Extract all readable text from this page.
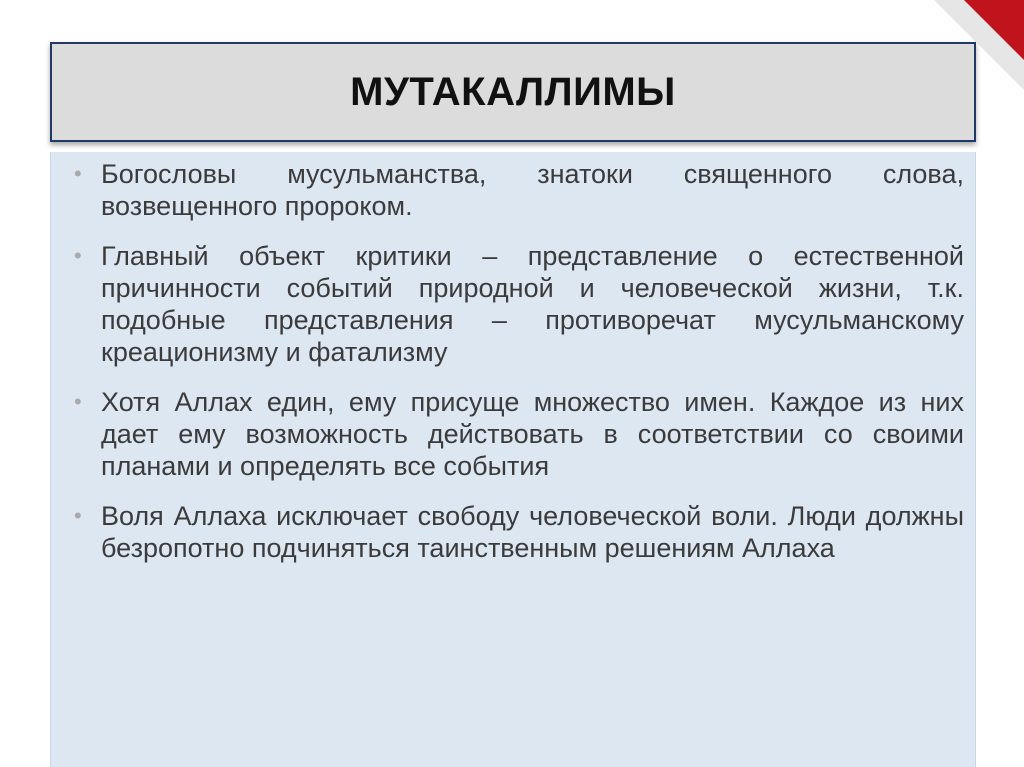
МУТАКАЛЛИМЫ
• Богословы мусульманства, знатоки священного слова, возвещенного пророком.
• Главный объект критики – представление о естественной причинности событий природной и человеческой жизни, т.к. подобные представления – противоречат мусульманскому креационизму и фатализму
• Хотя Аллах един, ему присуще множество имен. Каждое из них дает ему возможность действовать в соответствии со своими планами и определять все события
• Воля Аллаха исключает свободу человеческой воли. Люди должны безропотно подчиняться таинственным решениям Аллаха
